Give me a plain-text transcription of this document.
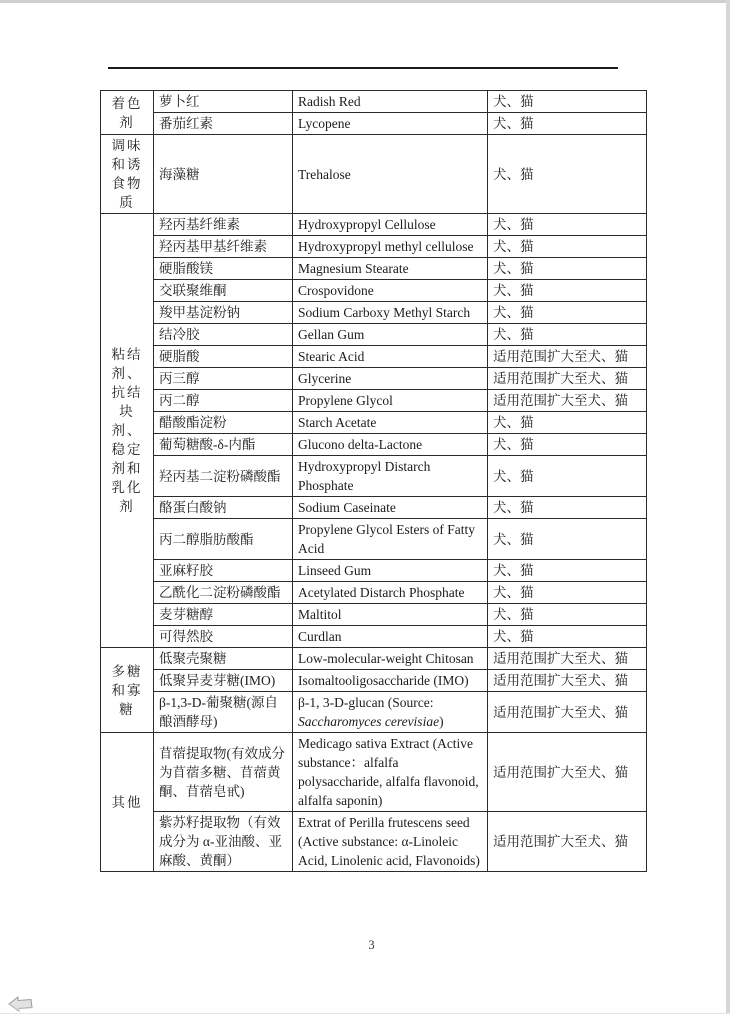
着色剂	萝卜红	Radish Red	犬、猫
	番茄红素	Lycopene	犬、猫
调味和诱食物质	海藻糖	Trehalose	犬、猫
粘结剂、抗结块剂、稳定剂和乳化剂	羟丙基纤维素	Hydroxypropyl Cellulose	犬、猫
	羟丙基甲基纤维素	Hydroxypropyl methyl cellulose	犬、猫
	硬脂酸镁	Magnesium Stearate	犬、猫
	交联聚维酮	Crospovidone	犬、猫
	羧甲基淀粉钠	Sodium Carboxy Methyl Starch	犬、猫
	结冷胶	Gellan Gum	犬、猫
	硬脂酸	Stearic Acid	适用范围扩大至犬、猫
	丙三醇	Glycerine	适用范围扩大至犬、猫
	丙二醇	Propylene Glycol	适用范围扩大至犬、猫
	醋酸酯淀粉	Starch Acetate	犬、猫
	葡萄糖酸-δ-内酯	Glucono delta-Lactone	犬、猫
	羟丙基二淀粉磷酸酯	Hydroxypropyl Distarch Phosphate	犬、猫
	酪蛋白酸钠	Sodium Caseinate	犬、猫
	丙二醇脂肪酸酯	Propylene Glycol Esters of Fatty Acid	犬、猫
	亚麻籽胶	Linseed Gum	犬、猫
	乙酰化二淀粉磷酸酯	Acetylated Distarch Phosphate	犬、猫
	麦芽糖醇	Maltitol	犬、猫
	可得然胶	Curdlan	犬、猫
多糖和寡糖	低聚壳聚糖	Low-molecular-weight Chitosan	适用范围扩大至犬、猫
	低聚异麦芽糖(IMO)	Isomaltooligosaccharide (IMO)	适用范围扩大至犬、猫
	β-1,3-D-葡聚糖(源自酿酒酵母)	β-1, 3-D-glucan (Source: Saccharomyces cerevisiae)	适用范围扩大至犬、猫
其他	苜蓿提取物(有效成分为苜蓿多糖、苜蓿黄酮、苜蓿皂甙)	Medicago sativa Extract (Active substance：alfalfa polysaccharide, alfalfa flavonoid, alfalfa saponin)	适用范围扩大至犬、猫
	紫苏籽提取物（有效成分为 α-亚油酸、亚麻酸、黄酮）	Extrat of Perilla frutescens seed (Active substance: α-Linoleic Acid, Linolenic acid, Flavonoids)	适用范围扩大至犬、猫
3
